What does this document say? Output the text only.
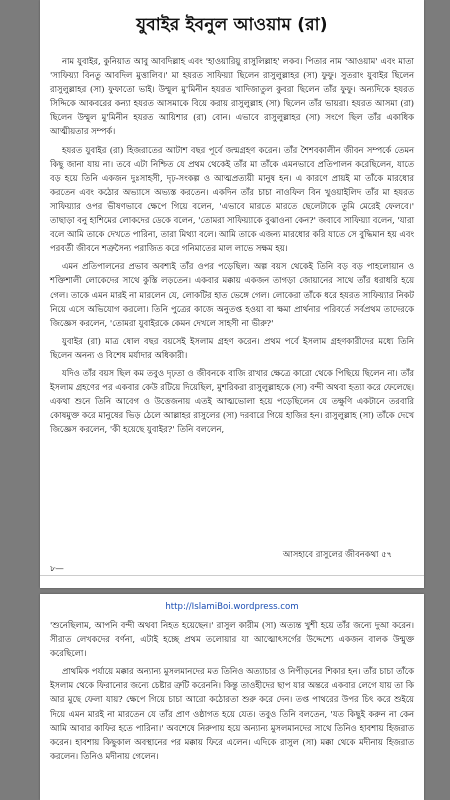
যুবাইর ইবনুল আওয়াম (রা)

নাম যুবাইর, কুনিয়াত আবু আবদিল্লাহ এবং 'হাওয়ারিয়ু রাসুলিল্লাহ' লকব। পিতার নাম 'আওয়াম' এবং মাতা 'সাফিয়্যা বিনতু আবদিল মুত্তালিব।' মা হযরত সাফিয়্যা ছিলেন রাসুলুল্লাহর (সা) ফুফু। সুতরাং যুবাইর ছিলেন রাসুলুল্লাহর (সা) ফুফাতো ভাই। উম্মুল মু'মিনীন হযরত খাদিজাতুল কুবরা ছিলেন তাঁর ফুফু। অন্যদিকে হযরত সিদ্দিকে আকবরের কন্যা হযরত আসমাকে বিয়ে করায় রাসুলুল্লাহ (সা) ছিলেন তাঁর ভায়রা। হযরত আসমা (রা) ছিলেন উম্মুল মু'মিনীন হযরত আয়িশার (রা) বোন। এভাবে রাসুলুল্লাহর (সা) সংগে ছিল তাঁর একাধিক আত্মীয়তার সম্পর্ক।

হযরত যুবাইর (রা) হিজরাতের আটাশ বছর পূর্বে জন্মগ্রহণ করেন। তাঁর শৈশবকালীন জীবন সম্পর্কে তেমন কিছু জানা যায় না। তবে এটা নিশ্চিত যে প্রথম থেকেই তাঁর মা তাঁকে এমনভাবে প্রতিপালন করেছিলেন, যাতে বড় হয়ে তিনি একজন দুঃসাহসী, দৃঢ়-সংকল্প ও আত্মপ্রত্যয়ী মানুষ হন। এ কারণে প্রায়ই মা তাঁকে মারধোর করতেন এবং কঠোর অভ্যাসে অভ্যস্ত করতেন। একদিন তাঁর চাচা নাওফিল বিন খুওয়াইলিদ তাঁর মা হযরত সাফিয়্যার ওপর ভীষণভাবে ক্ষেপে গিয়ে বলেন, 'এভাবে মারতে মারতে ছেলেটাকে তুমি মেরেই ফেলবে।' তাছাড়া বনু হাশিমের লোকদের ডেকে বলেন, 'তোমরা সাফিয়্যাকে বুঝাওনা কেন?' জবাবে সাফিয়্যা বলেন, 'যারা বলে আমি তাকে দেখতে পারিনা, তারা মিথ্যা বলে। আমি তাকে এজন্য মারধোর করি যাতে সে বুদ্ধিমান হয় এবং পরবর্তী জীবনে শত্রুসৈন্য পরাজিত করে গনিমাতের মাল লাভে সক্ষম হয়।

এমন প্রতিপালনের প্রভাব অবশ্যই তাঁর ওপর পড়েছিল। অল্প বয়স থেকেই তিনি বড় বড় পাহলোয়ান ও শক্তিশালী লোকেদের সাথে কুস্তি লড়তেন। একবার মক্কায় একজন তাগড়া জোয়ানের সাথে তাঁর ধরাধরি হয়ে গেল। তাকে এমন মারই না মারলেন যে, লোকটির হাত ভেঙ্গে গেল। লোকেরা তাঁকে ধরে হযরত সাফিয়্যার নিকট নিয়ে এসে অভিযোগ করলো। তিনি পুত্রের কাজে অনুতপ্ত হওয়া বা ক্ষমা প্রার্থনার পরিবর্তে সর্বপ্রথম তাদেরকে জিজ্ঞেস করলেন, 'তোমরা যুবাইরকে কেমন দেখলে সাহসী না ভীরু?'

যুবাইর (রা) মাত্র ষোল বছর বয়সেই ইসলাম গ্রহণ করেন। প্রথম পর্বে ইসলাম গ্রহণকারীদের মধ্যে তিনি ছিলেন অনন্য ও বিশেষ মর্যাদার অধিকারী।

যদিও তাঁর বয়স ছিল কম তবুও দৃঢ়তা ও জীবনকে বাজি রাখার ক্ষেত্রে কারো থেকে পিছিয়ে ছিলেন না। তাঁর ইসলাম গ্রহণের পর একবার কেউ রটিয়ে দিয়েছিল, মুশরিকরা রাসুলুল্লাহকে (সা) বন্দী অথবা হত্যা করে ফেলেছে। একথা শুনে তিনি আবেগ ও উত্তেজনায় এতই আত্মভোলা হয়ে পড়েছিলেন যে তক্ষুণি একটানে তরবারি কোষমুক্ত করে মানুষের ভিড় ঠেলে আল্লাহর রাসুলের (সা) দরবারে গিয়ে হাজির হন। রাসুলুল্লাহ (সা) তাঁকে দেখে জিজ্ঞেস করলেন, 'কী হয়েছে যুবাইর?' তিনি বললেন,

আসহাবে রাসুলের জীবনকথা ৫৭
৮—
http://IslamiBoi.wordpress.com

'শুনেছিলাম, আপনি বন্দী অথবা নিহত হয়েছেন।' রাসুল কারীম (সা) অত্যন্ত খুশী হয়ে তাঁর জন্যে দুআ করেন। সীরাত লেখকদের বর্ণনা, এটাই হচ্ছে প্রথম তলোয়ার যা আত্মোৎসর্গের উদ্দেশ্যে একজন বালক উন্মুক্ত করেছিলো।

প্রাথমিক পর্যায়ে মক্কার অন্যান্য মুসলমানদের মত তিনিও অত্যাচার ও নিপীড়নের শিকার হন। তাঁর চাচা তাঁকে ইসলাম থেকে ফিরানোর জন্যে চেষ্টার ত্রুটি করেননি। কিন্তু তাওহীদের ছাপ যার অন্তরে একবার লেগে যায় তা কি আর মুছে ফেলা যায়? ক্ষেপে গিয়ে চাচা আরো কঠোরতা শুরু করে দেন। তপ্ত পাথরের উপর চিৎ করে শুইয়ে দিয়ে এমন মারই না মারতেন যে তাঁর প্রাণ ওষ্ঠাগত হয়ে যেত। তবুও তিনি বলতেন, 'যত কিছুই করুন না কেন আমি আবার কাফির হতে পারিনা।' অবশেষে নিরুপায় হয়ে অন্যান্য মুসলমানদের সাথে তিনিও হাবশায় হিজরাত করেন। হাবশায় কিছুকাল অবস্থানের পর মক্কায় ফিরে এলেন। এদিকে রাসুল (সা) মক্কা থেকে মদীনায় হিজরাত করলেন। তিনিও মদীনায় গেলেন।
